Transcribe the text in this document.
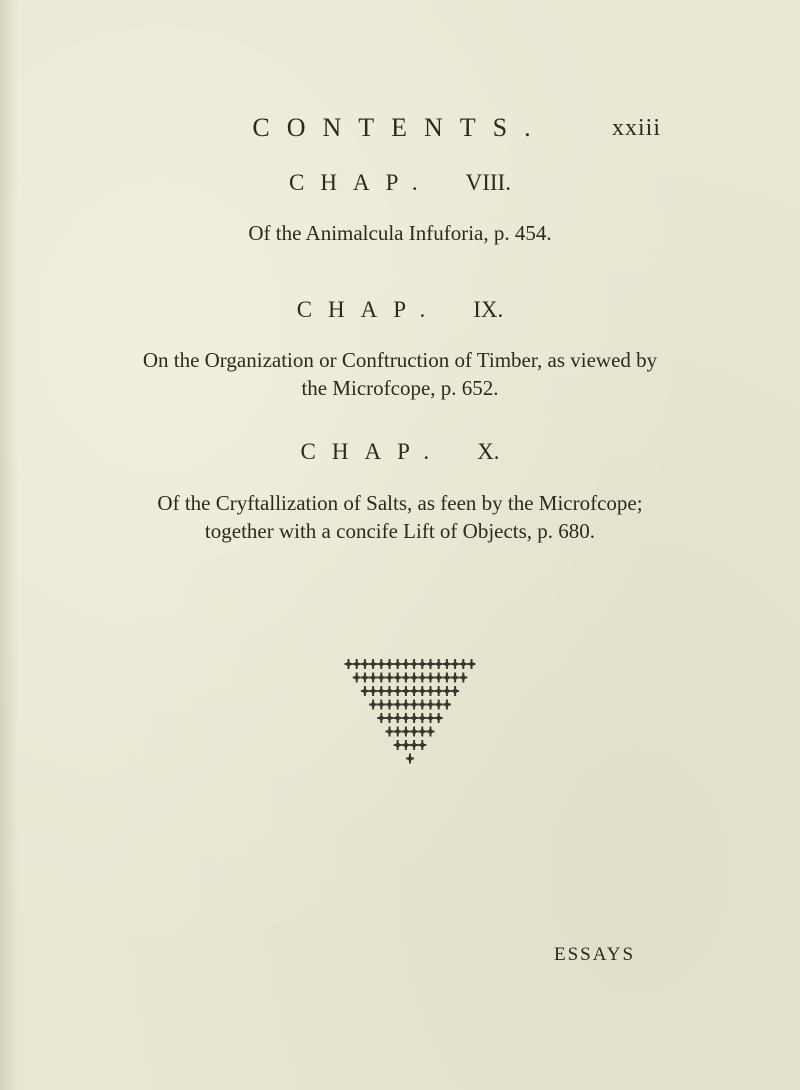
CONTENTS.	xxiii
CHAP. VIII.
Of the Animalcula Infuforia, p. 454.
CHAP. IX.
On the Organization or Conftruction of Timber, as viewed by
the Microfcope, p. 652.
CHAP. X.
Of the Cryftallization of Salts, as feen by the Microfcope;
together with a concife Lift of Objects, p. 680.
ESSAYS
